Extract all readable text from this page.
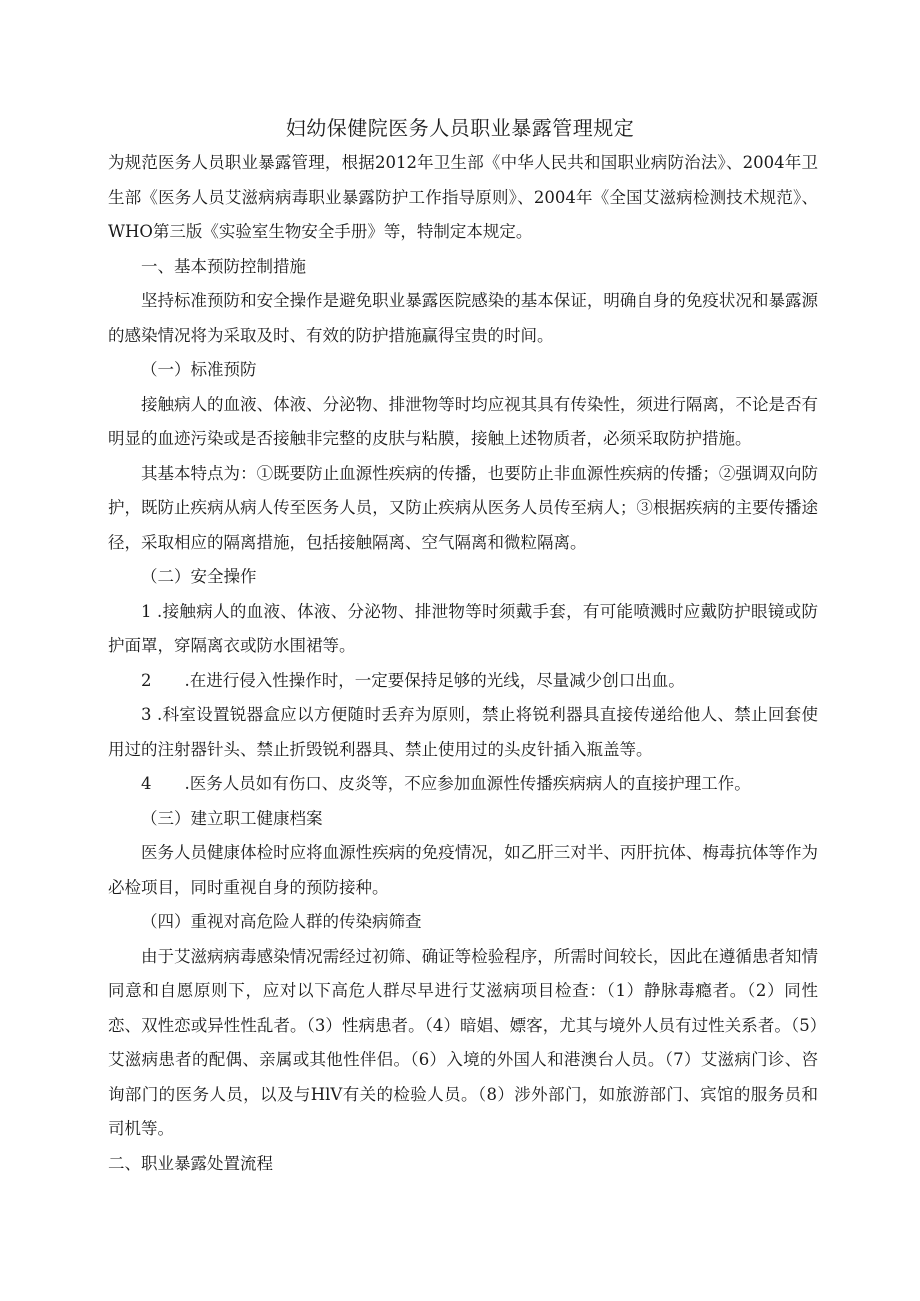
妇幼保健院医务人员职业暴露管理规定

为规范医务人员职业暴露管理，根据2012年卫生部《中华人民共和国职业病防治法》、2004年卫生部《医务人员艾滋病病毒职业暴露防护工作指导原则》、2004年《全国艾滋病检测技术规范》、WHO第三版《实验室生物安全手册》等，特制定本规定。

一、基本预防控制措施

坚持标准预防和安全操作是避免职业暴露医院感染的基本保证，明确自身的免疫状况和暴露源的感染情况将为采取及时、有效的防护措施赢得宝贵的时间。

（一）标准预防

接触病人的血液、体液、分泌物、排泄物等时均应视其具有传染性，须进行隔离，不论是否有明显的血迹污染或是否接触非完整的皮肤与粘膜，接触上述物质者，必须采取防护措施。

其基本特点为：①既要防止血源性疾病的传播，也要防止非血源性疾病的传播；②强调双向防护，既防止疾病从病人传至医务人员，又防止疾病从医务人员传至病人；③根据疾病的主要传播途径，采取相应的隔离措施，包括接触隔离、空气隔离和微粒隔离。

（二）安全操作

1 .接触病人的血液、体液、分泌物、排泄物等时须戴手套，有可能喷溅时应戴防护眼镜或防护面罩，穿隔离衣或防水围裙等。

2　　.在进行侵入性操作时，一定要保持足够的光线，尽量减少创口出血。

3 .科室设置锐器盒应以方便随时丢弃为原则，禁止将锐利器具直接传递给他人、禁止回套使用过的注射器针头、禁止折毁锐利器具、禁止使用过的头皮针插入瓶盖等。

4　　.医务人员如有伤口、皮炎等，不应参加血源性传播疾病病人的直接护理工作。

（三）建立职工健康档案

医务人员健康体检时应将血源性疾病的免疫情况，如乙肝三对半、丙肝抗体、梅毒抗体等作为必检项目，同时重视自身的预防接种。

（四）重视对高危险人群的传染病筛查

由于艾滋病病毒感染情况需经过初筛、确证等检验程序，所需时间较长，因此在遵循患者知情同意和自愿原则下，应对以下高危人群尽早进行艾滋病项目检查：（1）静脉毒瘾者。（2）同性恋、双性恋或异性性乱者。（3）性病患者。（4）暗娼、嫖客，尤其与境外人员有过性关系者。（5）艾滋病患者的配偶、亲属或其他性伴侣。（6）入境的外国人和港澳台人员。（7）艾滋病门诊、咨询部门的医务人员，以及与HlV有关的检验人员。（8）涉外部门，如旅游部门、宾馆的服务员和司机等。

二、职业暴露处置流程
